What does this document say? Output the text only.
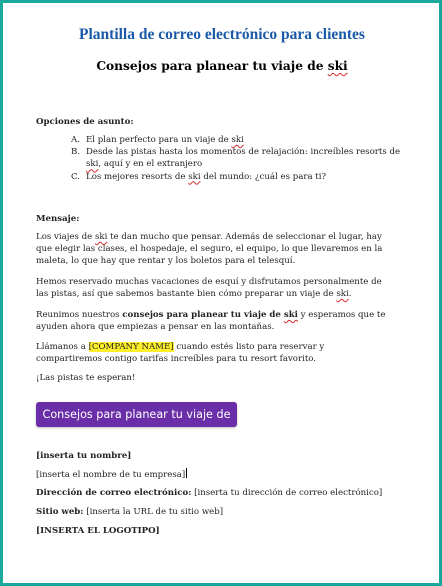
Plantilla de correo electrónico para clientes
Consejos para planear tu viaje de ski
Opciones de asunto:
A. El plan perfecto para un viaje de ski
B. Desde las pistas hasta los momentos de relajación: increíbles resorts de ski, aquí y en el extranjero
C. Los mejores resorts de ski del mundo: ¿cuál es para ti?
Mensaje:

Los viajes de ski te dan mucho que pensar. Además de seleccionar el lugar, hay que elegir las clases, el hospedaje, el seguro, el equipo, lo que llevaremos en la maleta, lo que hay que rentar y los boletos para el telesquí.

Hemos reservado muchas vacaciones de esquí y disfrutamos personalmente de las pistas, así que sabemos bastante bien cómo preparar un viaje de ski.

Reunimos nuestros consejos para planear tu viaje de ski y esperamos que te ayuden ahora que empiezas a pensar en las montañas.

Llámanos a [COMPANY NAME] cuando estés listo para reservar y compartiremos contigo tarifas increíbles para tu resort favorito.

¡Las pistas te esperan!

[inserta tu nombre]
[inserta el nombre de tu empresa]
Dirección de correo electrónico: [inserta tu dirección de correo electrónico]
Sitio web: [inserta la URL de tu sitio web]
[INSERTA EL LOGOTIPO]
Consejos para planear tu viaje de
